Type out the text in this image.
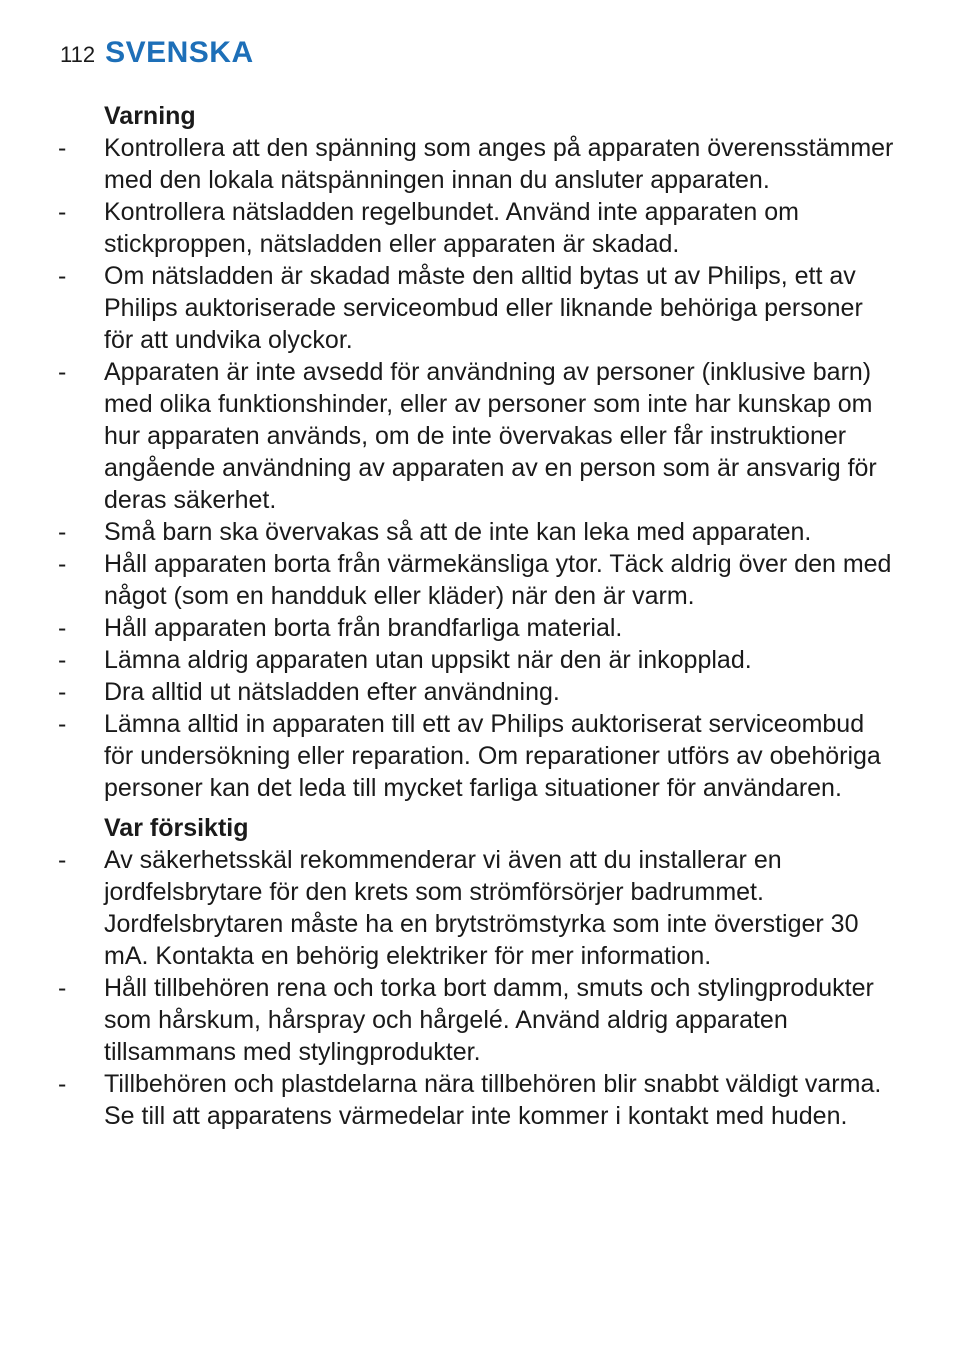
112 SVENSKA
Varning
- Kontrollera att den spänning som anges på apparaten överensstämmer med den lokala nätspänningen innan du ansluter apparaten.
- Kontrollera nätsladden regelbundet. Använd inte apparaten om stickproppen, nätsladden eller apparaten är skadad.
- Om nätsladden är skadad måste den alltid bytas ut av Philips, ett av Philips auktoriserade serviceombud eller liknande behöriga personer för att undvika olyckor.
- Apparaten är inte avsedd för användning av personer (inklusive barn) med olika funktionshinder, eller av personer som inte har kunskap om hur apparaten används, om de inte övervakas eller får instruktioner angående användning av apparaten av en person som är ansvarig för deras säkerhet.
- Små barn ska övervakas så att de inte kan leka med apparaten.
- Håll apparaten borta från värmekänsliga ytor. Täck aldrig över den med något (som en handduk eller kläder) när den är varm.
- Håll apparaten borta från brandfarliga material.
- Lämna aldrig apparaten utan uppsikt när den är inkopplad.
- Dra alltid ut nätsladden efter användning.
- Lämna alltid in apparaten till ett av Philips auktoriserat serviceombud för undersökning eller reparation. Om reparationer utförs av obehöriga personer kan det leda till mycket farliga situationer för användaren.
Var försiktig
- Av säkerhetsskäl rekommenderar vi även att du installerar en jordfelsbrytare för den krets som strömförsörjer badrummet. Jordfelsbrytaren måste ha en brytströmstyrka som inte överstiger 30 mA. Kontakta en behörig elektriker för mer information.
- Håll tillbehören rena och torka bort damm, smuts och stylingprodukter som hårskum, hårspray och hårgelé. Använd aldrig apparaten tillsammans med stylingprodukter.
- Tillbehören och plastdelarna nära tillbehören blir snabbt väldigt varma. Se till att apparatens värmedelar inte kommer i kontakt med huden.
